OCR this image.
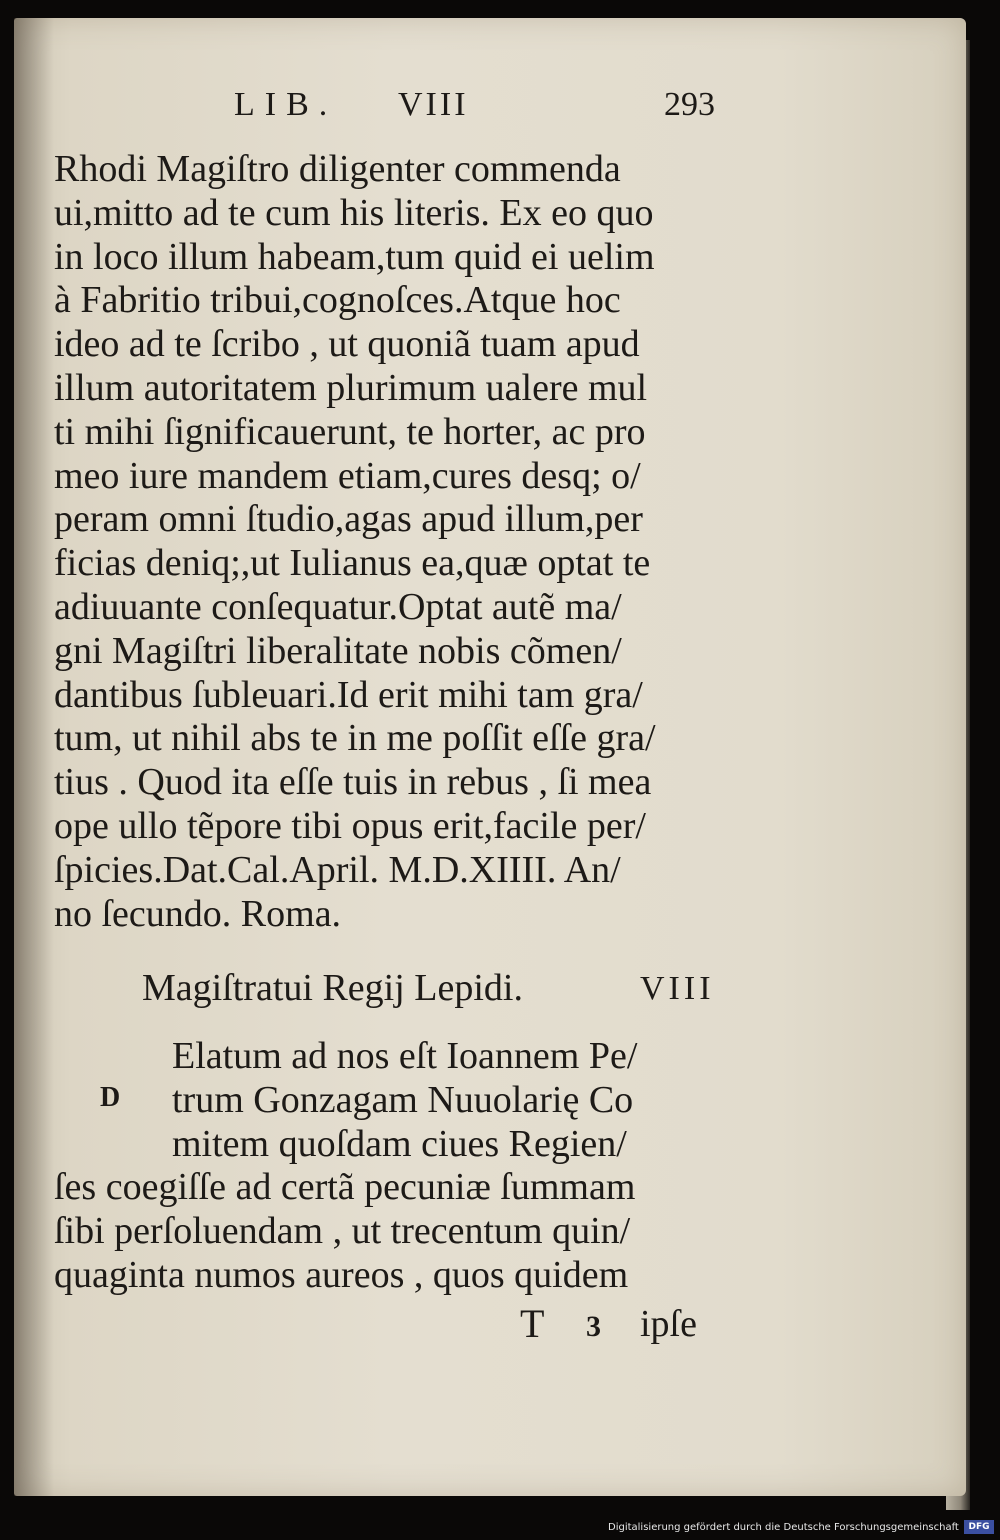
LIB. VIII	293
Rhodi Magiſtro diligenter commenda
ui,mitto ad te cum his literis. Ex eo quo
in loco illum habeam,tum quid ei uelim
à Fabritio tribui,cognoſces.Atque hoc
ideo ad te ſcribo , ut quoniã tuam apud
illum autoritatem plurimum ualere mul
ti mihi ſignificauerunt, te horter, ac pro
meo iure mandem etiam,cures desq; o/
peram omni ſtudio,agas apud illum,per
ficias deniq;,ut Iulianus ea,quæ optat te
adiuuante conſequatur.Optat autẽ ma/
gni Magiſtri liberalitate nobis cõmen/
dantibus ſubleuari.Id erit mihi tam gra/
tum, ut nihil abs te in me poſſit eſſe gra/
tius . Quod ita eſſe tuis in rebus , ſi mea
ope ullo tẽpore tibi opus erit,facile per/
ſpicies.Dat.Cal.April. M.D.XIIII. An/
no ſecundo. Roma.
Magiſtratui Regij Lepidi.	VIII
D
Elatum ad nos eſt Ioannem Pe/
trum Gonzagam Nuuolarię Co
mitem quoſdam ciues Regien/
ſes coegiſſe ad certã pecuniæ ſummam
ſibi perſoluendam , ut trecentum quin/
quaginta numos aureos , quos quidem
T 3 ipſe
Digitalisierung gefördert durch die Deutsche Forschungsgemeinschaft	DFG
